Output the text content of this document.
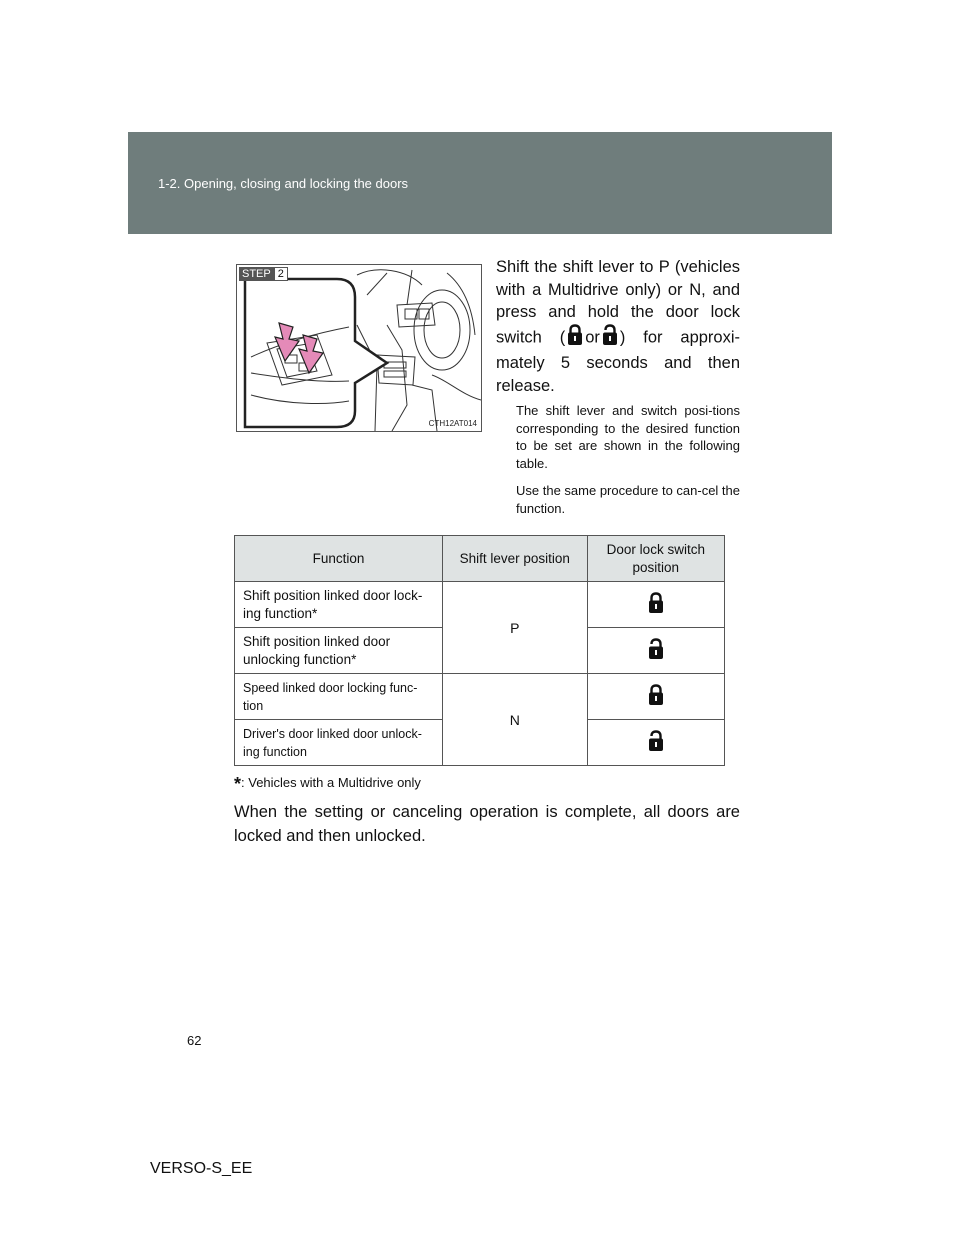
1-2. Opening, closing and locking the doors
STEP 2
CTH12AT014
Shift the shift lever to P (vehicles with a Multidrive only) or N, and press and hold the door lock switch ( or ) for approxi-mately 5 seconds and then release.
The shift lever and switch posi-tions corresponding to the desired function to be set are shown in the following table.
Use the same procedure to can-cel the function.
Function	Shift lever position	Door lock switch position
Shift position linked door lock-ing function*	P	
Shift position linked door unlocking function*	
Speed linked door locking func-tion	N	
Driver's door linked door unlock-ing function	
*: Vehicles with a Multidrive only
When the setting or canceling operation is complete, all doors are locked and then unlocked.
62
VERSO-S_EE
